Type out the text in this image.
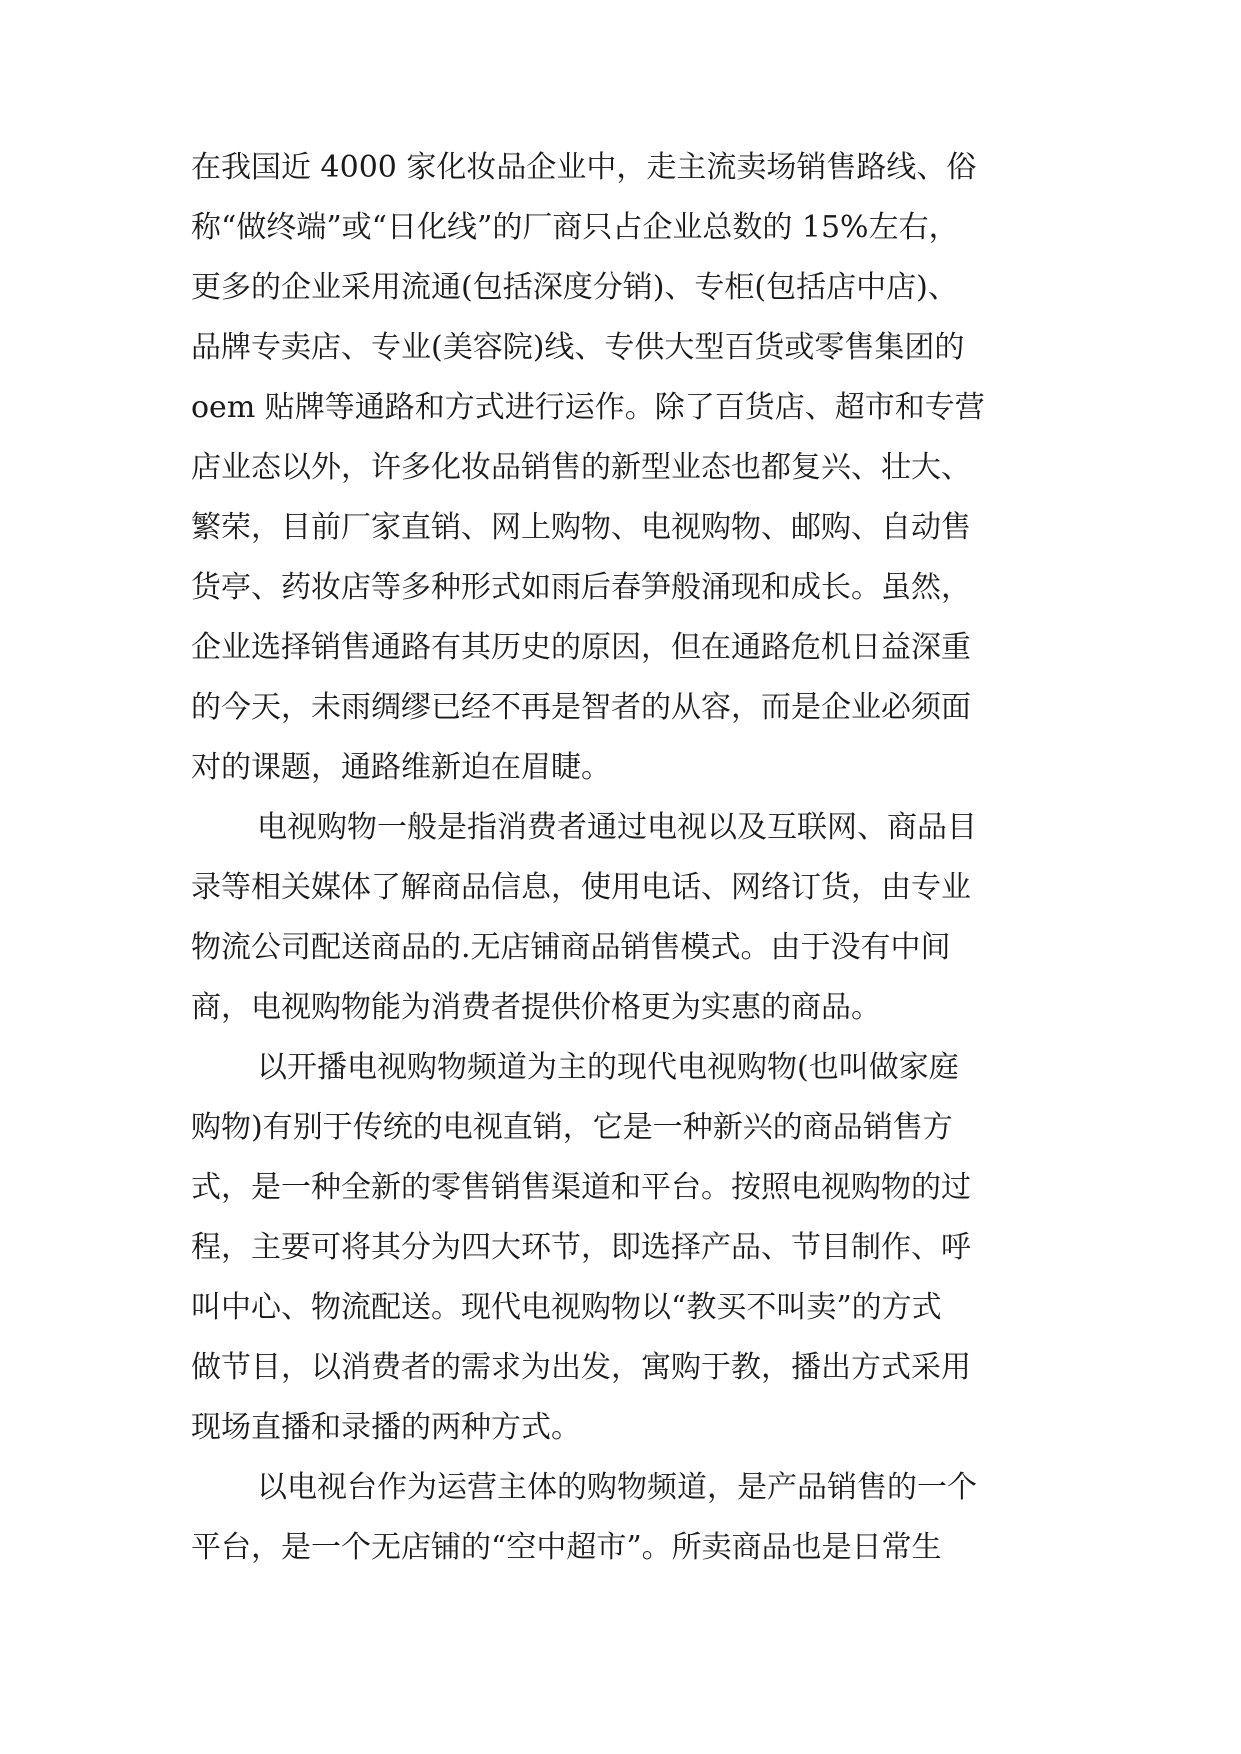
在我国近 4000 家化妆品企业中，走主流卖场销售路线、俗
称“做终端”或“日化线”的厂商只占企业总数的 15%左右，
更多的企业采用流通(包括深度分销)、专柜(包括店中店)、
品牌专卖店、专业(美容院)线、专供大型百货或零售集团的
oem 贴牌等通路和方式进行运作。除了百货店、超市和专营
店业态以外，许多化妆品销售的新型业态也都复兴、壮大、
繁荣，目前厂家直销、网上购物、电视购物、邮购、自动售
货亭、药妆店等多种形式如雨后春笋般涌现和成长。虽然，
企业选择销售通路有其历史的原因，但在通路危机日益深重
的今天，未雨绸缪已经不再是智者的从容，而是企业必须面
对的课题，通路维新迫在眉睫。
电视购物一般是指消费者通过电视以及互联网、商品目
录等相关媒体了解商品信息，使用电话、网络订货，由专业
物流公司配送商品的.无店铺商品销售模式。由于没有中间
商，电视购物能为消费者提供价格更为实惠的商品。
以开播电视购物频道为主的现代电视购物(也叫做家庭
购物)有别于传统的电视直销，它是一种新兴的商品销售方
式，是一种全新的零售销售渠道和平台。按照电视购物的过
程，主要可将其分为四大环节，即选择产品、节目制作、呼
叫中心、物流配送。现代电视购物以“教买不叫卖”的方式
做节目，以消费者的需求为出发，寓购于教，播出方式采用
现场直播和录播的两种方式。
以电视台作为运营主体的购物频道，是产品销售的一个
平台，是一个无店铺的“空中超市”。所卖商品也是日常生
